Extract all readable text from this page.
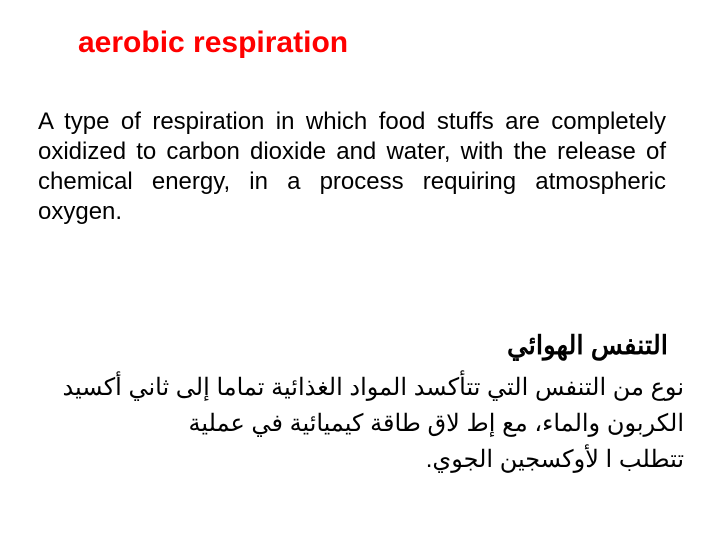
aerobic respiration
A type of respiration in which food stuffs are completely oxidized to carbon dioxide and water, with the release of chemical energy, in a process requiring atmospheric oxygen.
التنفس الهوائي
نوع من التنفس التي تتأكسد المواد الغذائية تماما إلى ثاني أكسيد
الكربون والماء، مع إط لاق طاقة كيميائية في عملية
تتطلب ا لأوكسجين الجوي.
